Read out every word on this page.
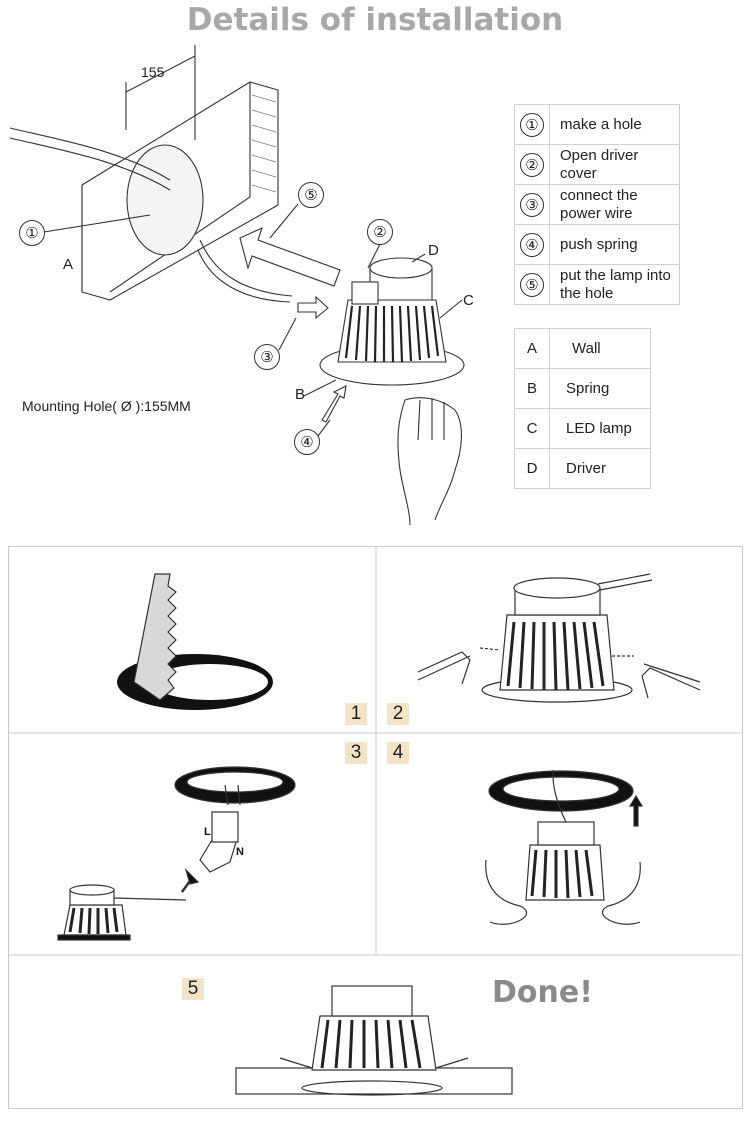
Details of installation
155
①	②
③
④
⑤
A
B
C
D
Mounting Hole( Ø ):155MM
①	make a hole
②	Open driver cover
③	connect the power wire
④	push spring
⑤	put the lamp into the hole
A	Wall
B	Spring
C	LED lamp
D	Driver
1	2
3	4
5
L
N
Done!
